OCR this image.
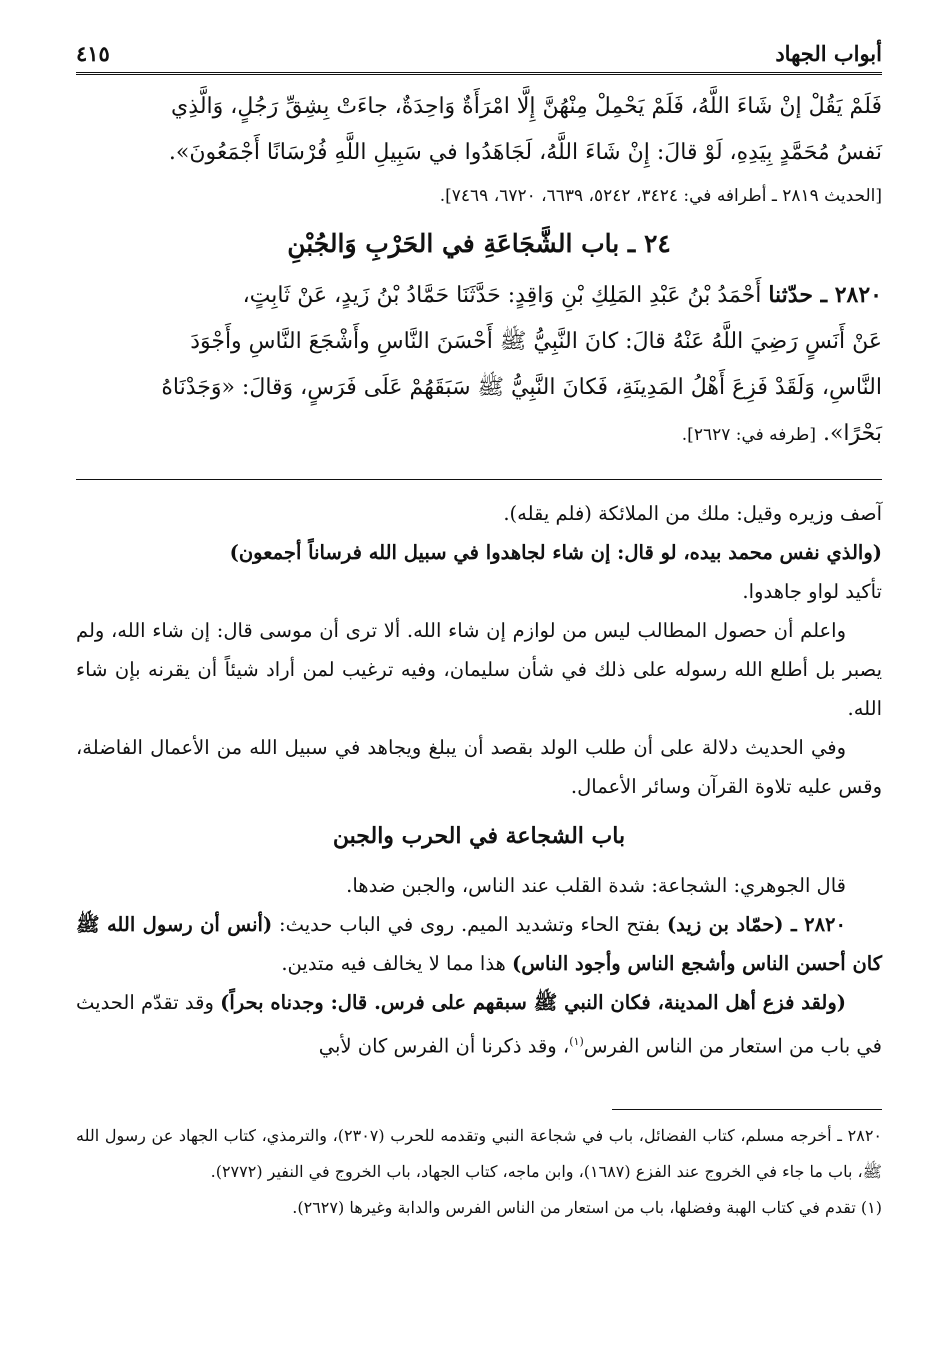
أبواب الجهاد
٤١٥
فَلَمْ يَقُلْ إنْ شَاءَ اللَّهُ، فَلَمْ يَحْمِلْ مِنْهُنَّ إِلَّا امْرَأَةٌ وَاحِدَةٌ، جاءَتْ بِشِقِّ رَجُلٍ، وَالَّذِي
نَفسُ مُحَمَّدٍ بِيَدِهِ، لَوْ قالَ: إِنْ شَاءَ اللَّهُ، لَجَاهَدُوا في سَبِيلِ اللَّهِ فُرْسَانًا أَجْمَعُونَ».
[الحديث ٢٨١٩ ـ أطرافه في: ٣٤٢٤، ٥٢٤٢، ٦٦٣٩، ٦٧٢٠، ٧٤٦٩].
٢٤ ـ باب الشَّجَاعَةِ في الحَرْبِ وَالجُبْنِ
٢٨٢٠ ـ حدّثنا أَحْمَدُ بْنُ عَبْدِ المَلِكِ بْنِ وَاقِدٍ: حَدَّثَنَا حَمَّادُ بْنُ زَيدٍ، عَنْ ثَابِتٍ،
عَنْ أَنَسٍ رَضِيَ اللَّهُ عَنْهُ قالَ: كانَ النَّبِيُّ ﷺ أَحْسَنَ النَّاسِ وأَشْجَعَ النَّاسِ وأَجْوَدَ
النَّاسِ، وَلَقَدْ فَزِعَ أَهْلُ المَدِينَةِ، فَكانَ النَّبِيُّ ﷺ سَبَقَهُمْ عَلَى فَرَسٍ، وَقالَ: «وَجَدْنَاهُ
بَحْرًا». [طرفه في: ٢٦٢٧].
آصف وزيره وقيل: ملك من الملائكة (فلم يقله).
(والذي نفس محمد بيده، لو قال: إن شاء لجاهدوا في سبيل الله فرساناً أجمعون)
تأكيد لواو جاهدوا.
واعلم أن حصول المطالب ليس من لوازم إن شاء الله. ألا ترى أن موسى قال: إن شاء الله، ولم يصبر بل أطلع الله رسوله على ذلك في شأن سليمان، وفيه ترغيب لمن أراد شيئاً أن يقرنه بإن شاء الله.
وفي الحديث دلالة على أن طلب الولد بقصد أن يبلغ ويجاهد في سبيل الله من الأعمال الفاضلة، وقس عليه تلاوة القرآن وسائر الأعمال.
باب الشجاعة في الحرب والجبن
قال الجوهري: الشجاعة: شدة القلب عند الناس، والجبن ضدها.
٢٨٢٠ ـ (حمّاد بن زيد) بفتح الحاء وتشديد الميم. روى في الباب حديث: (أنس أن رسول الله ﷺ كان أحسن الناس وأشجع الناس وأجود الناس) هذا مما لا يخالف فيه متدين.
(ولقد فزع أهل المدينة، فكان النبي ﷺ سبقهم على فرس. قال: وجدناه بحراً) وقد تقدّم الحديث في باب من استعار من الناس الفرس$^{(١)}$، وقد ذكرنا أن الفرس كان لأبي
٢٨٢٠ ـ أخرجه مسلم، كتاب الفضائل، باب في شجاعة النبي وتقدمه للحرب (٢٣٠٧)، والترمذي، كتاب الجهاد عن رسول الله ﷺ، باب ما جاء في الخروج عند الفزع (١٦٨٧)، وابن ماجه، كتاب الجهاد، باب الخروج في النفير (٢٧٧٢).
(١) تقدم في كتاب الهبة وفضلها، باب من استعار من الناس الفرس والدابة وغيرها (٢٦٢٧).
